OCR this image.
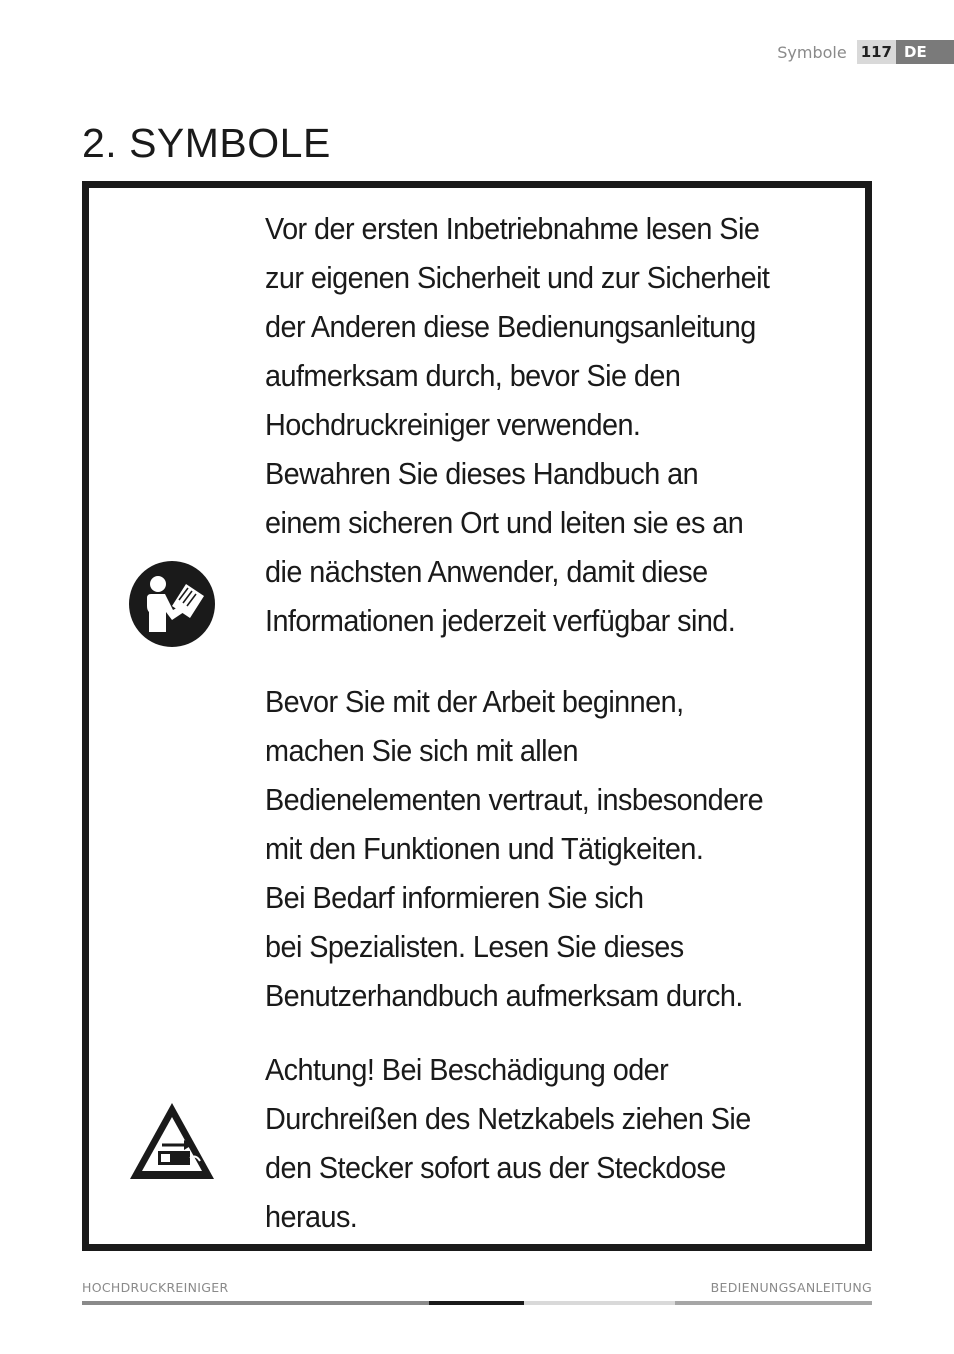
Symbole 117 DE
2. SYMBOLE

Vor der ersten Inbetriebnahme lesen Sie
zur eigenen Sicherheit und zur Sicherheit
der Anderen diese Bedienungsanleitung
aufmerksam durch, bevor Sie den
Hochdruckreiniger verwenden.
Bewahren Sie dieses Handbuch an
einem sicheren Ort und leiten sie es an
die nächsten Anwender, damit diese
Informationen jederzeit verfügbar sind.

Bevor Sie mit der Arbeit beginnen,
machen Sie sich mit allen
Bedienelementen vertraut, insbesondere
mit den Funktionen und Tätigkeiten.
Bei Bedarf informieren Sie sich
bei Spezialisten. Lesen Sie dieses
Benutzerhandbuch aufmerksam durch.

Achtung! Bei Beschädigung oder
Durchreißen des Netzkabels ziehen Sie
den Stecker sofort aus der Steckdose
heraus.

HOCHDRUCKREINIGER	BEDIENUNGSANLEITUNG
